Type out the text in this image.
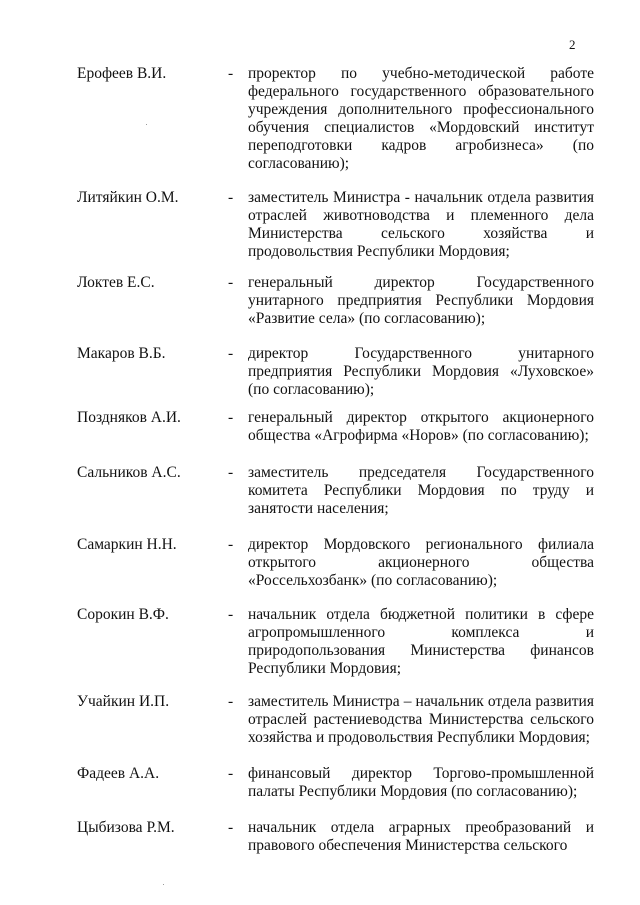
2
Ерофеев В.И.	- проректор по учебно-методической работе федерального государственного образовательного учреждения дополнительного профессионального обучения специалистов «Мордовский институт переподготовки кадров агробизнеса» (по согласованию);
Литяйкин О.М.	- заместитель Министра - начальник отдела развития отраслей животноводства и племенного дела Министерства сельского хозяйства и продовольствия Республики Мордовия;
Локтев Е.С.	- генеральный директор Государственного унитарного предприятия Республики Мордовия «Развитие села» (по согласованию);
Макаров В.Б.	- директор Государственного унитарного предприятия Республики Мордовия «Луховское» (по согласованию);
Поздняков А.И.	- генеральный директор открытого акционерного общества «Агрофирма «Норов» (по согласованию);
Сальников А.С.	- заместитель председателя Государственного комитета Республики Мордовия по труду и занятости населения;
Самаркин Н.Н.	- директор Мордовского регионального филиала открытого акционерного общества «Россельхозбанк» (по согласованию);
Сорокин В.Ф.	- начальник отдела бюджетной политики в сфере агропромышленного комплекса и природопользования Министерства финансов Республики Мордовия;
Учайкин И.П.	- заместитель Министра – начальник отдела развития отраслей растениеводства Министерства сельского хозяйства и продовольствия Республики Мордовия;
Фадеев А.А.	- финансовый директор Торгово-промышленной палаты Республики Мордовия (по согласованию);
Цыбизова Р.М.	- начальник отдела аграрных преобразований и правового обеспечения Министерства сельского
